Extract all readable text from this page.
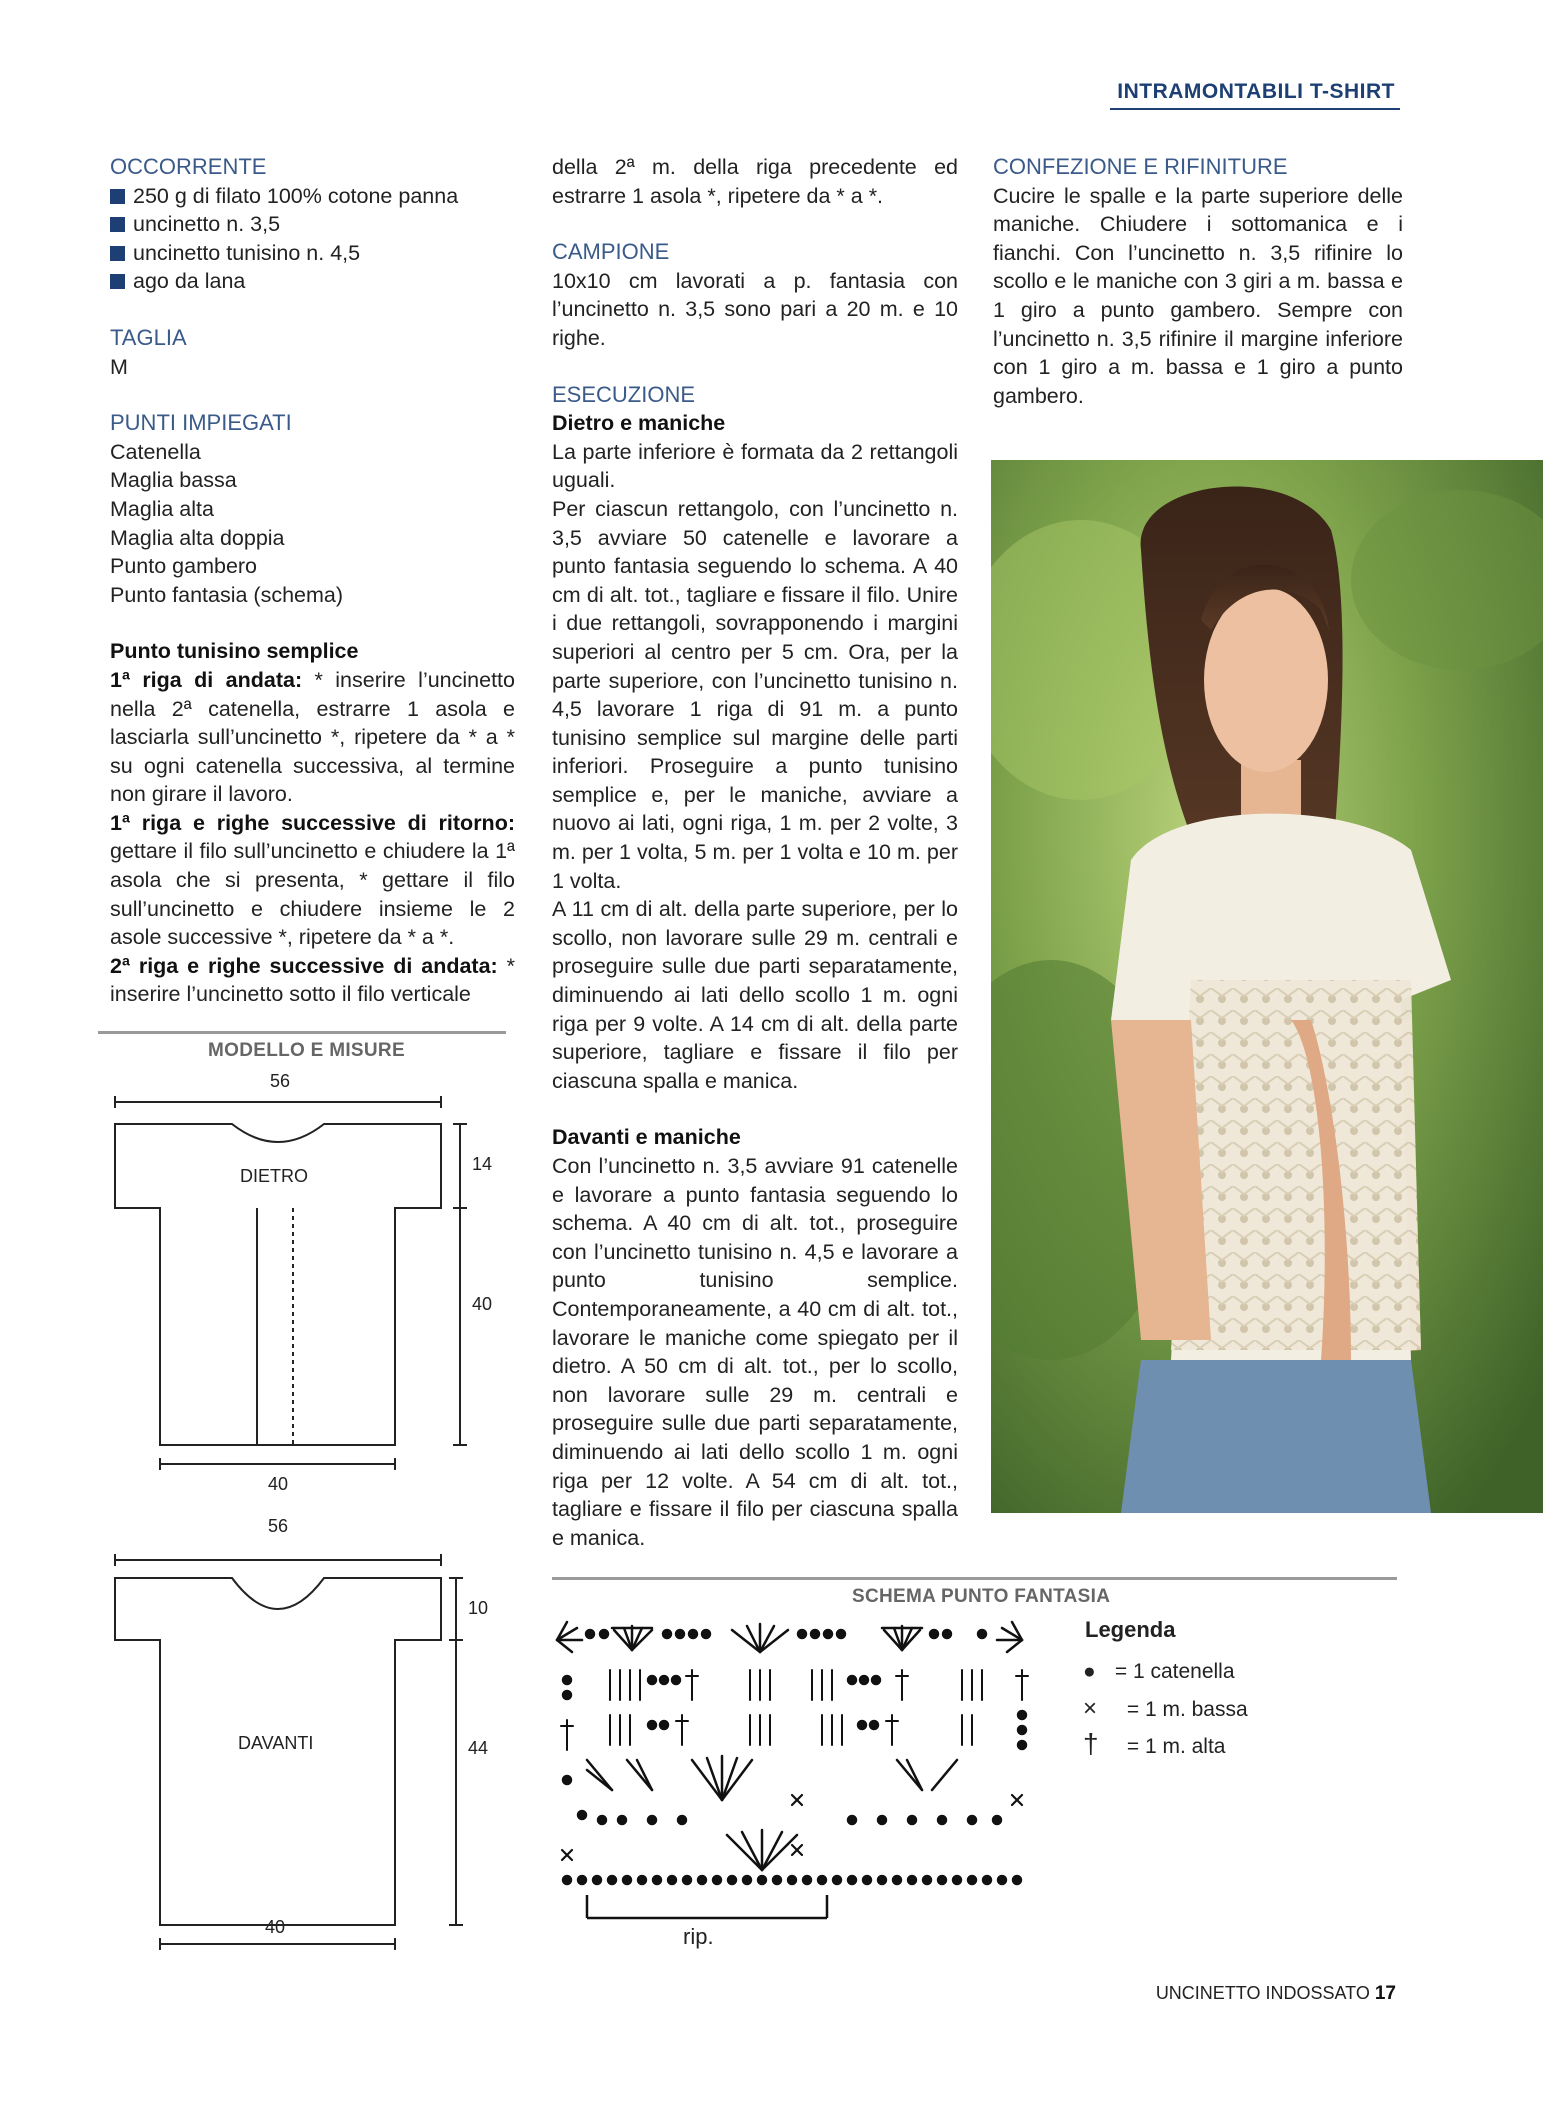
INTRAMONTABILI T-SHIRT

OCCORRENTE

250 g di filato 100% cotone panna

uncinetto n. 3,5

uncinetto tunisino n. 4,5

ago da lana

TAGLIA

M

PUNTI IMPIEGATI

Catenella

Maglia bassa

Maglia alta

Maglia alta doppia

Punto gambero

Punto fantasia (schema)

Punto tunisino semplice

1ª riga di andata: * inserire l’uncinetto nella 2ª catenella, estrarre 1 asola e lasciarla sull’uncinetto *, ripetere da * a * su ogni catenella successiva, al termine non girare il lavoro.

1ª riga e righe successive di ritorno: gettare il filo sull’uncinetto e chiudere la 1ª asola che si presenta, * gettare il filo sull’uncinetto e chiudere insieme le 2 asole successive *, ripetere da * a *.

2ª riga e righe successive di andata: * inserire l’uncinetto sotto il filo verticale

della 2ª m. della riga precedente ed estrarre 1 asola *, ripetere da * a *.

CAMPIONE

10x10 cm lavorati a p. fantasia con l’uncinetto n. 3,5 sono pari a 20 m. e 10 righe.

ESECUZIONE

Dietro e maniche

La parte inferiore è formata da 2 rettangoli uguali.

Per ciascun rettangolo, con l’uncinetto n. 3,5 avviare 50 catenelle e lavorare a punto fantasia seguendo lo schema. A 40 cm di alt. tot., tagliare e fissare il filo. Unire i due rettangoli, sovrapponendo i margini superiori al centro per 5 cm. Ora, per la parte superiore, con l’uncinetto tunisino n. 4,5 lavorare 1 riga di 91 m. a punto tunisino semplice sul margine delle parti inferiori. Proseguire a punto tunisino semplice e, per le maniche, avviare a nuovo ai lati, ogni riga, 1 m. per 2 volte, 3 m. per 1 volta, 5 m. per 1 volta e 10 m. per 1 volta.

A 11 cm di alt. della parte superiore, per lo scollo, non lavorare sulle 29 m. centrali e proseguire sulle due parti separatamente, diminuendo ai lati dello scollo 1 m. ogni riga per 9 volte. A 14 cm di alt. della parte superiore, tagliare e fissare il filo per ciascuna spalla e manica.

Davanti e maniche

Con l’uncinetto n. 3,5 avviare 91 catenelle e lavorare a punto fantasia seguendo lo schema. A 40 cm di alt. tot., proseguire con l’uncinetto tunisino n. 4,5 e lavorare a punto tunisino semplice. Contemporaneamente, a 40 cm di alt. tot., lavorare le maniche come spiegato per il dietro. A 50 cm di alt. tot., per lo scollo, non lavorare sulle 29 m. centrali e proseguire sulle due parti separatamente, diminuendo ai lati dello scollo 1 m. ogni riga per 12 volte. A 54 cm di alt. tot., tagliare e fissare il filo per ciascuna spalla e manica.

CONFEZIONE E RIFINITURE

Cucire le spalle e la parte superiore delle maniche. Chiudere i sottomanica e i fianchi. Con l’uncinetto n. 3,5 rifinire lo scollo e le maniche con 3 giri a m. bassa e 1 giro a punto gambero. Sempre con l’uncinetto n. 3,5 rifinire il margine inferiore con 1 giro a m. bassa e 1 giro a punto gambero.

MODELLO E MISURE
56
DIETRO
14
40
40
56
DAVANTI
10
44
40
SCHEMA PUNTO FANTASIA
rip.
Legenda
● = 1 catenella
× = 1 m. bassa
† = 1 m. alta
UNCINETTO INDOSSATO 17
